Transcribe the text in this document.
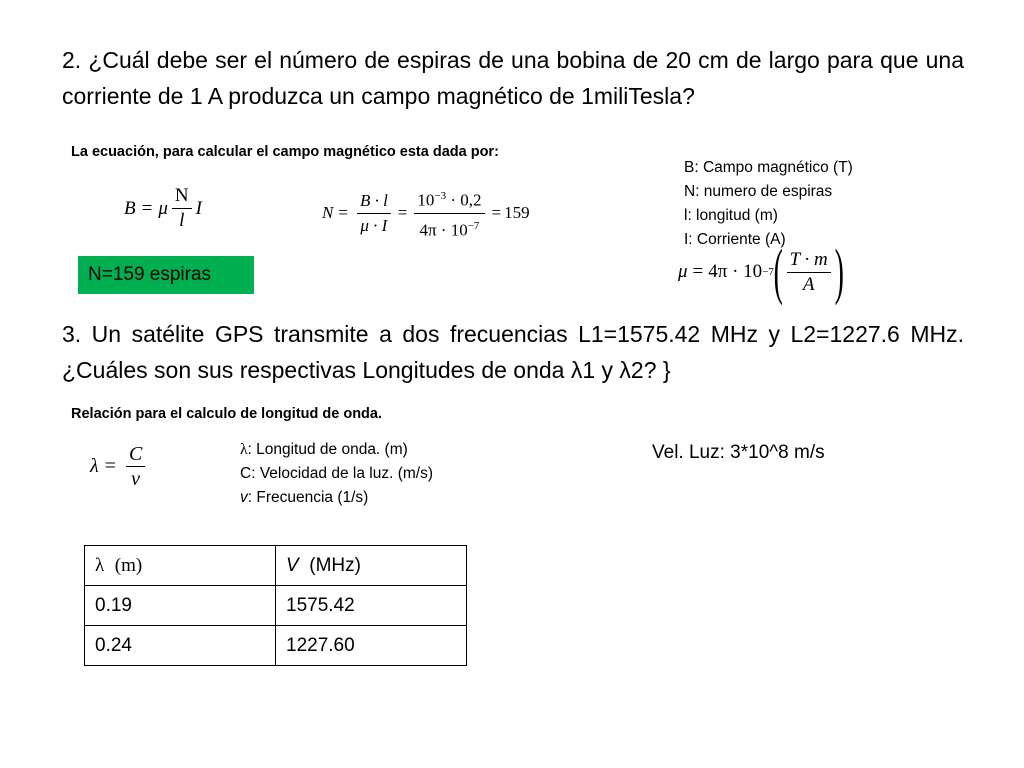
2. ¿Cuál debe ser el número de espiras de una bobina de 20 cm de largo para que una corriente de 1 A produzca un campo magnético de 1miliTesla?
La ecuación, para calcular el campo magnético esta dada por:
B = μ $\frac{N}{l}$ I	$N = \frac{B \cdot l}{\mu \cdot I} = \frac{10^{-3} \cdot 0,2}{4\pi \cdot 10^{-7}} = 159$
B: Campo magnético (T)
N: numero de espiras
l: longitud (m)
I: Corriente (A)
μ = 4π · 10 −7 ( $\frac{T \cdot m}{A}$ )
N=159 espiras
3. Un satélite GPS transmite a dos frecuencias L1=1575.42 MHz y L2=1227.6 MHz. ¿Cuáles son sus respectivas Longitudes de onda λ1 y λ2? }
Relación para el calculo de longitud de onda.
$\lambda = \frac{C}{\nu}$	λ: Longitud de onda. (m)
C: Velocidad de la luz. (m/s)
v: Frecuencia (1/s)
Vel. Luz: 3*10^8 m/s
λ (m)	V (MHz)
0.19	1575.42
0.24	1227.60
